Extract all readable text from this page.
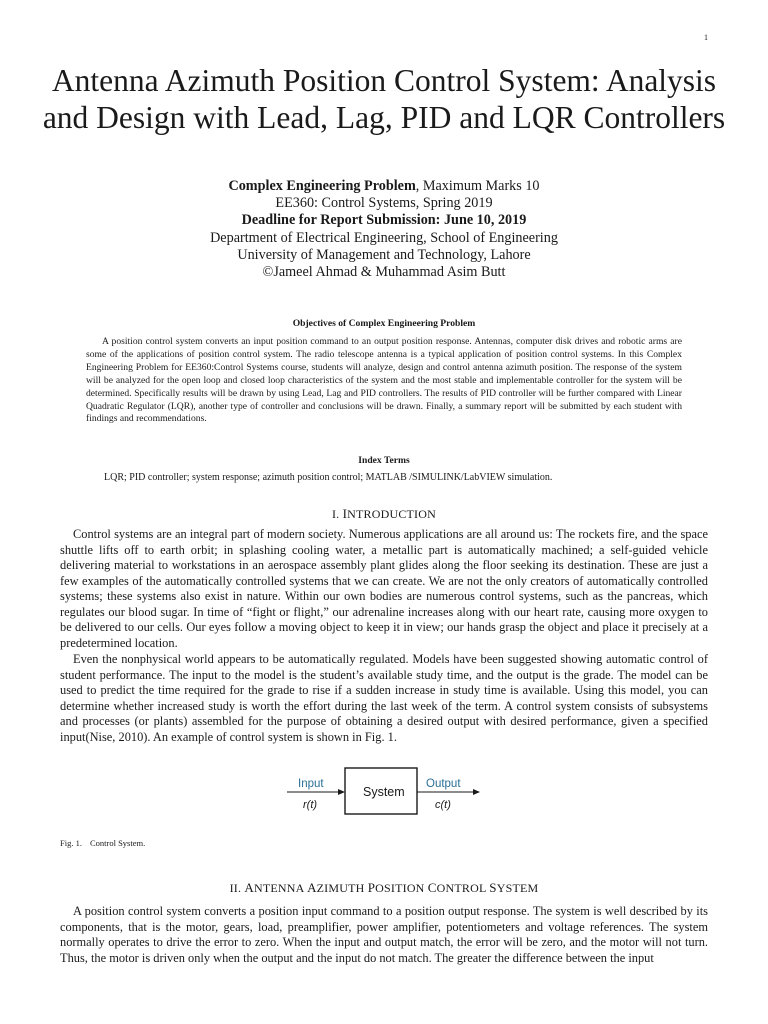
1
Antenna Azimuth Position Control System: Analysis and Design with Lead, Lag, PID and LQR Controllers
Complex Engineering Problem, Maximum Marks 10
EE360: Control Systems, Spring 2019
Deadline for Report Submission: June 10, 2019
Department of Electrical Engineering, School of Engineering
University of Management and Technology, Lahore
©Jameel Ahmad & Muhammad Asim Butt
Objectives of Complex Engineering Problem

A position control system converts an input position command to an output position response. Antennas, computer disk drives and robotic arms are some of the applications of position control system. The radio telescope antenna is a typical application of position control systems. In this Complex Engineering Problem for EE360:Control Systems course, students will analyze, design and control antenna azimuth position. The response of the system will be analyzed for the open loop and closed loop characteristics of the system and the most stable and implementable controller for the system will be determined. Specifically results will be drawn by using Lead, Lag and PID controllers. The results of PID controller will be further compared with Linear Quadratic Regulator (LQR), another type of controller and conclusions will be drawn. Finally, a summary report will be submitted by each student with findings and recommendations.

Index Terms
LQR; PID controller; system response; azimuth position control; MATLAB /SIMULINK/LabVIEW simulation.
I. INTRODUCTION

Control systems are an integral part of modern society. Numerous applications are all around us: The rockets fire, and the space shuttle lifts off to earth orbit; in splashing cooling water, a metallic part is automatically machined; a self-guided vehicle delivering material to workstations in an aerospace assembly plant glides along the floor seeking its destination. These are just a few examples of the automatically controlled systems that we can create. We are not the only creators of automatically controlled systems; these systems also exist in nature. Within our own bodies are numerous control systems, such as the pancreas, which regulates our blood sugar. In time of “fight or flight,” our adrenaline increases along with our heart rate, causing more oxygen to be delivered to our cells. Our eyes follow a moving object to keep it in view; our hands grasp the object and place it precisely at a predetermined location.

Even the nonphysical world appears to be automatically regulated. Models have been suggested showing automatic control of student performance. The input to the model is the student’s available study time, and the output is the grade. The model can be used to predict the time required for the grade to rise if a sudden increase in study time is available. Using this model, you can determine whether increased study is worth the effort during the last week of the term. A control system consists of subsystems and processes (or plants) assembled for the purpose of obtaining a desired output with desired performance, given a specified input(Nise, 2010). An example of control system is shown in Fig. 1.

Input
r(t)
System
Output
c(t)
Fig. 1. Control System.
II. ANTENNA AZIMUTH POSITION CONTROL SYSTEM

A position control system converts a position input command to a position output response. The system is well described by its components, that is the motor, gears, load, preamplifier, power amplifier, potentiometers and voltage references. The system normally operates to drive the error to zero. When the input and output match, the error will be zero, and the motor will not turn. Thus, the motor is driven only when the output and the input do not match. The greater the difference between the input
